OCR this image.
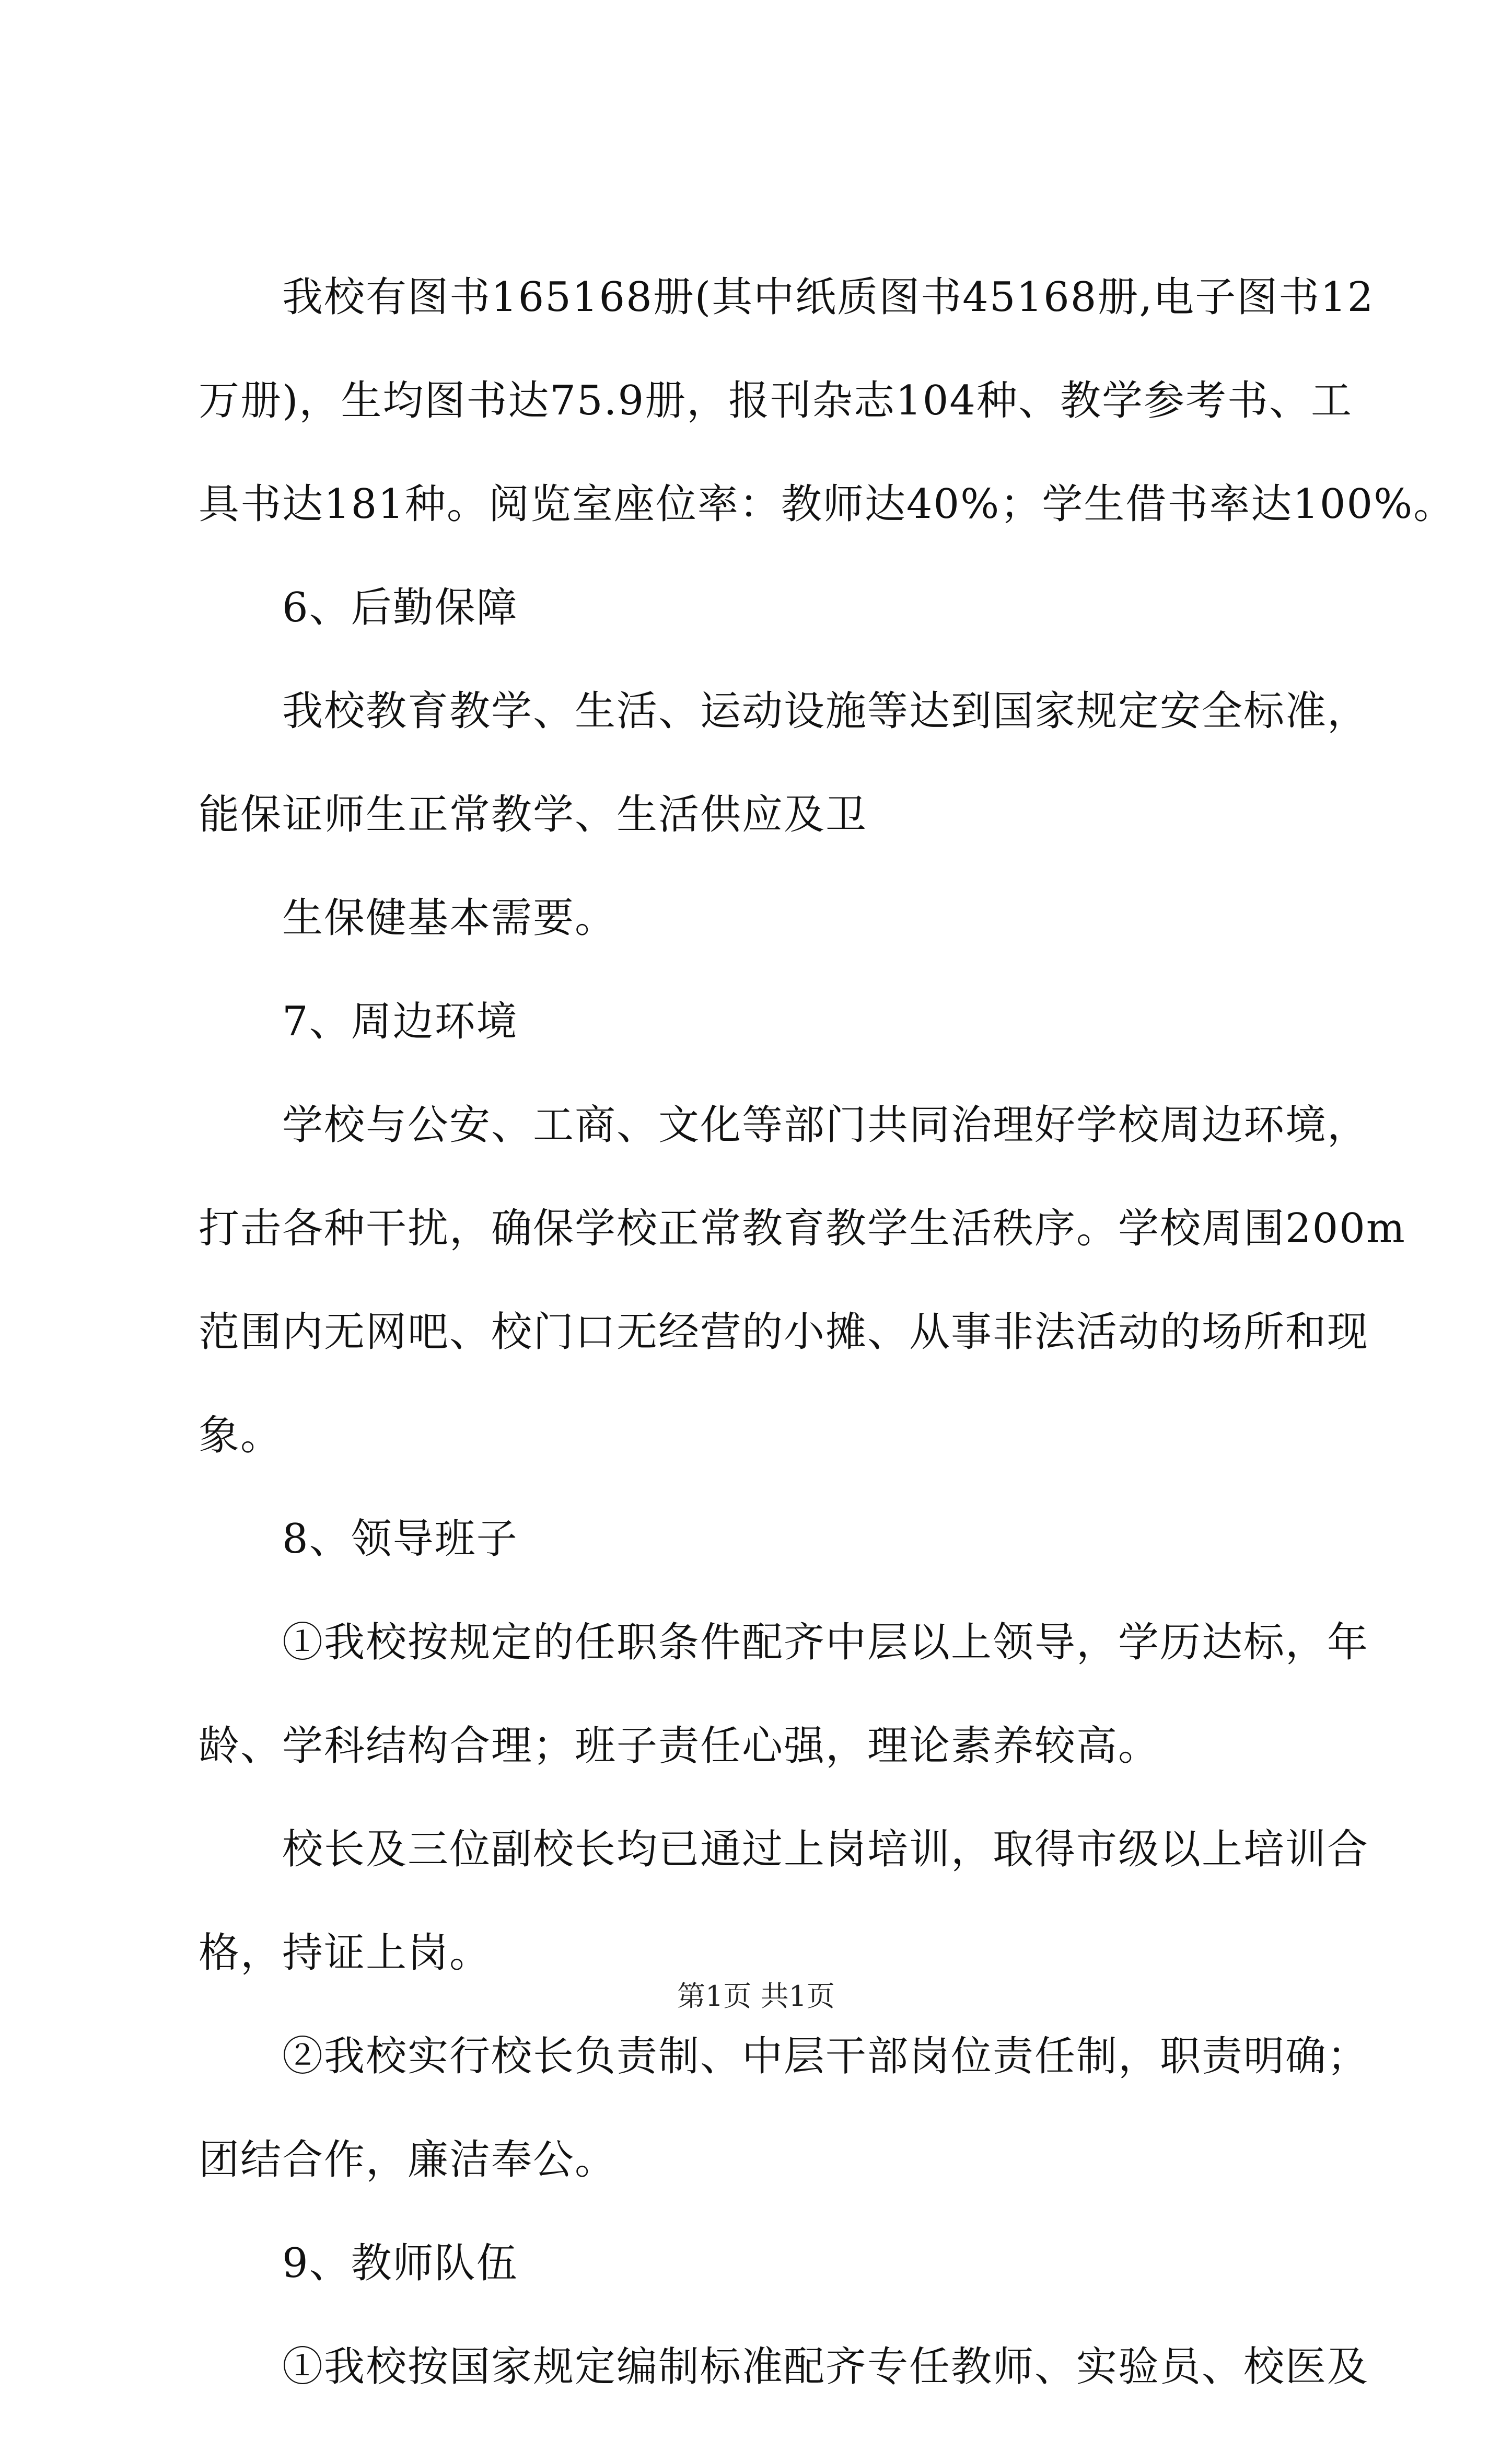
我校有图书165168册(其中纸质图书45168册,电子图书12
万册)，生均图书达75.9册，报刊杂志104种、教学参考书、工
具书达181种。阅览室座位率：教师达40%；学生借书率达100%。
6、后勤保障
我校教育教学、生活、运动设施等达到国家规定安全标准，
能保证师生正常教学、生活供应及卫
生保健基本需要。
7、周边环境
学校与公安、工商、文化等部门共同治理好学校周边环境，
打击各种干扰，确保学校正常教育教学生活秩序。学校周围200m
范围内无网吧、校门口无经营的小摊、从事非法活动的场所和现
象。
8、领导班子
①我校按规定的任职条件配齐中层以上领导，学历达标，年
龄、学科结构合理；班子责任心强，理论素养较高。
校长及三位副校长均已通过上岗培训，取得市级以上培训合
格，持证上岗。
②我校实行校长负责制、中层干部岗位责任制，职责明确；
团结合作，廉洁奉公。
9、教师队伍
①我校按国家规定编制标准配齐专任教师、实验员、校医及
第1页 共1页
